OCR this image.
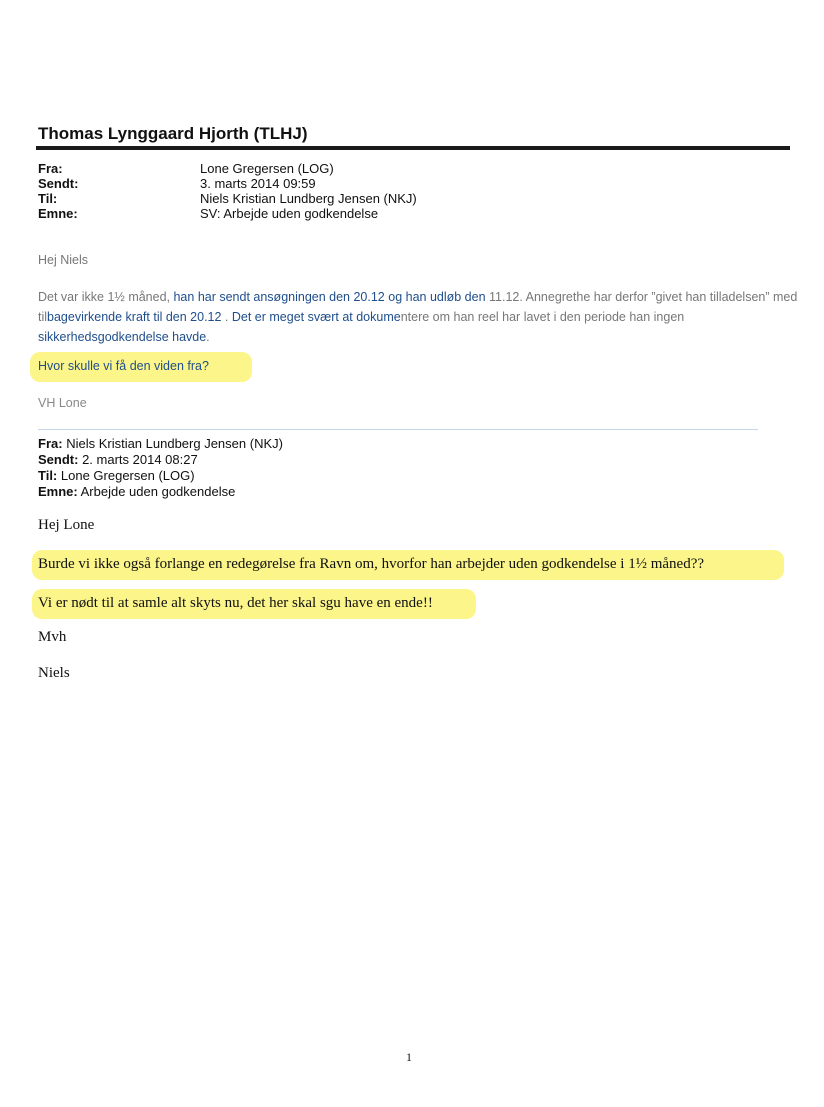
Thomas Lynggaard Hjorth (TLHJ)
Fra:	Lone Gregersen (LOG)
Sendt:	3. marts 2014 09:59
Til:	Niels Kristian Lundberg Jensen (NKJ)
Emne:	SV: Arbejde uden godkendelse
Hej Niels
Det var ikke 1½ måned, han har sendt ansøgningen den 20.12 og han udløb den 11.12. Annegrethe har derfor ”givet han tilladelsen” med tilbagevirkende kraft til den 20.12 . Det er meget svært at dokumentere om han reel har lavet i den periode han ingen sikkerhedsgodkendelse havde.
Hvor skulle vi få den viden fra?
VH Lone
Fra: Niels Kristian Lundberg Jensen (NKJ)
Sendt: 2. marts 2014 08:27
Til: Lone Gregersen (LOG)
Emne: Arbejde uden godkendelse
Hej Lone
Burde vi ikke også forlange en redegørelse fra Ravn om, hvorfor han arbejder uden godkendelse i 1½ måned??
Vi er nødt til at samle alt skyts nu, det her skal sgu have en ende!!
Mvh
Niels
1
